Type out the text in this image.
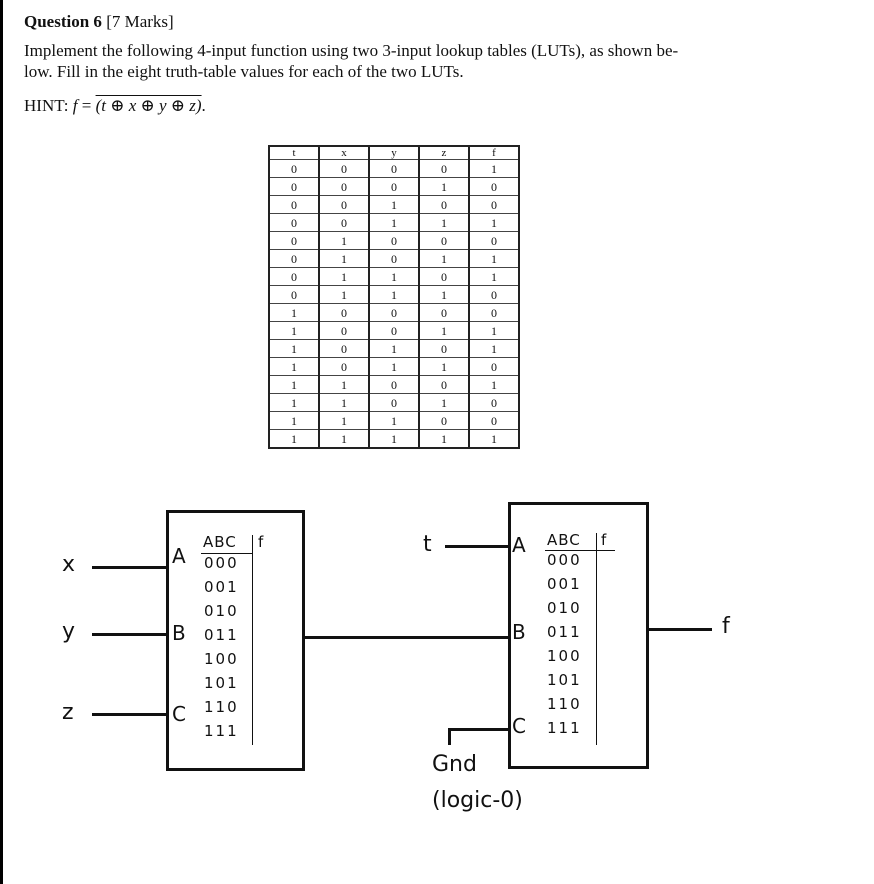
Question 6 [7 Marks]
Implement the following 4-input function using two 3-input lookup tables (LUTs), as shown be-
low. Fill in the eight truth-table values for each of the two LUTs.
HINT: f = (t ⊕ x ⊕ y ⊕ z).
t	x	y	z	f
0	0	0	0	1
0	0	0	1	0
0	0	1	0	0
0	0	1	1	1
0	1	0	0	0
0	1	0	1	1
0	1	1	0	1
0	1	1	1	0
1	0	0	0	0
1	0	0	1	1
1	0	1	0	1
1	0	1	1	0
1	1	0	0	1
1	1	0	1	0
1	1	1	0	0
1	1	1	1	1
x
y
z
t
f
Gnd
(logic-0)
A
B
C
ABC f
000
001
010
011
100
101
110
111
A
B
C
ABC f
000
001
010
011
100
101
110
111
